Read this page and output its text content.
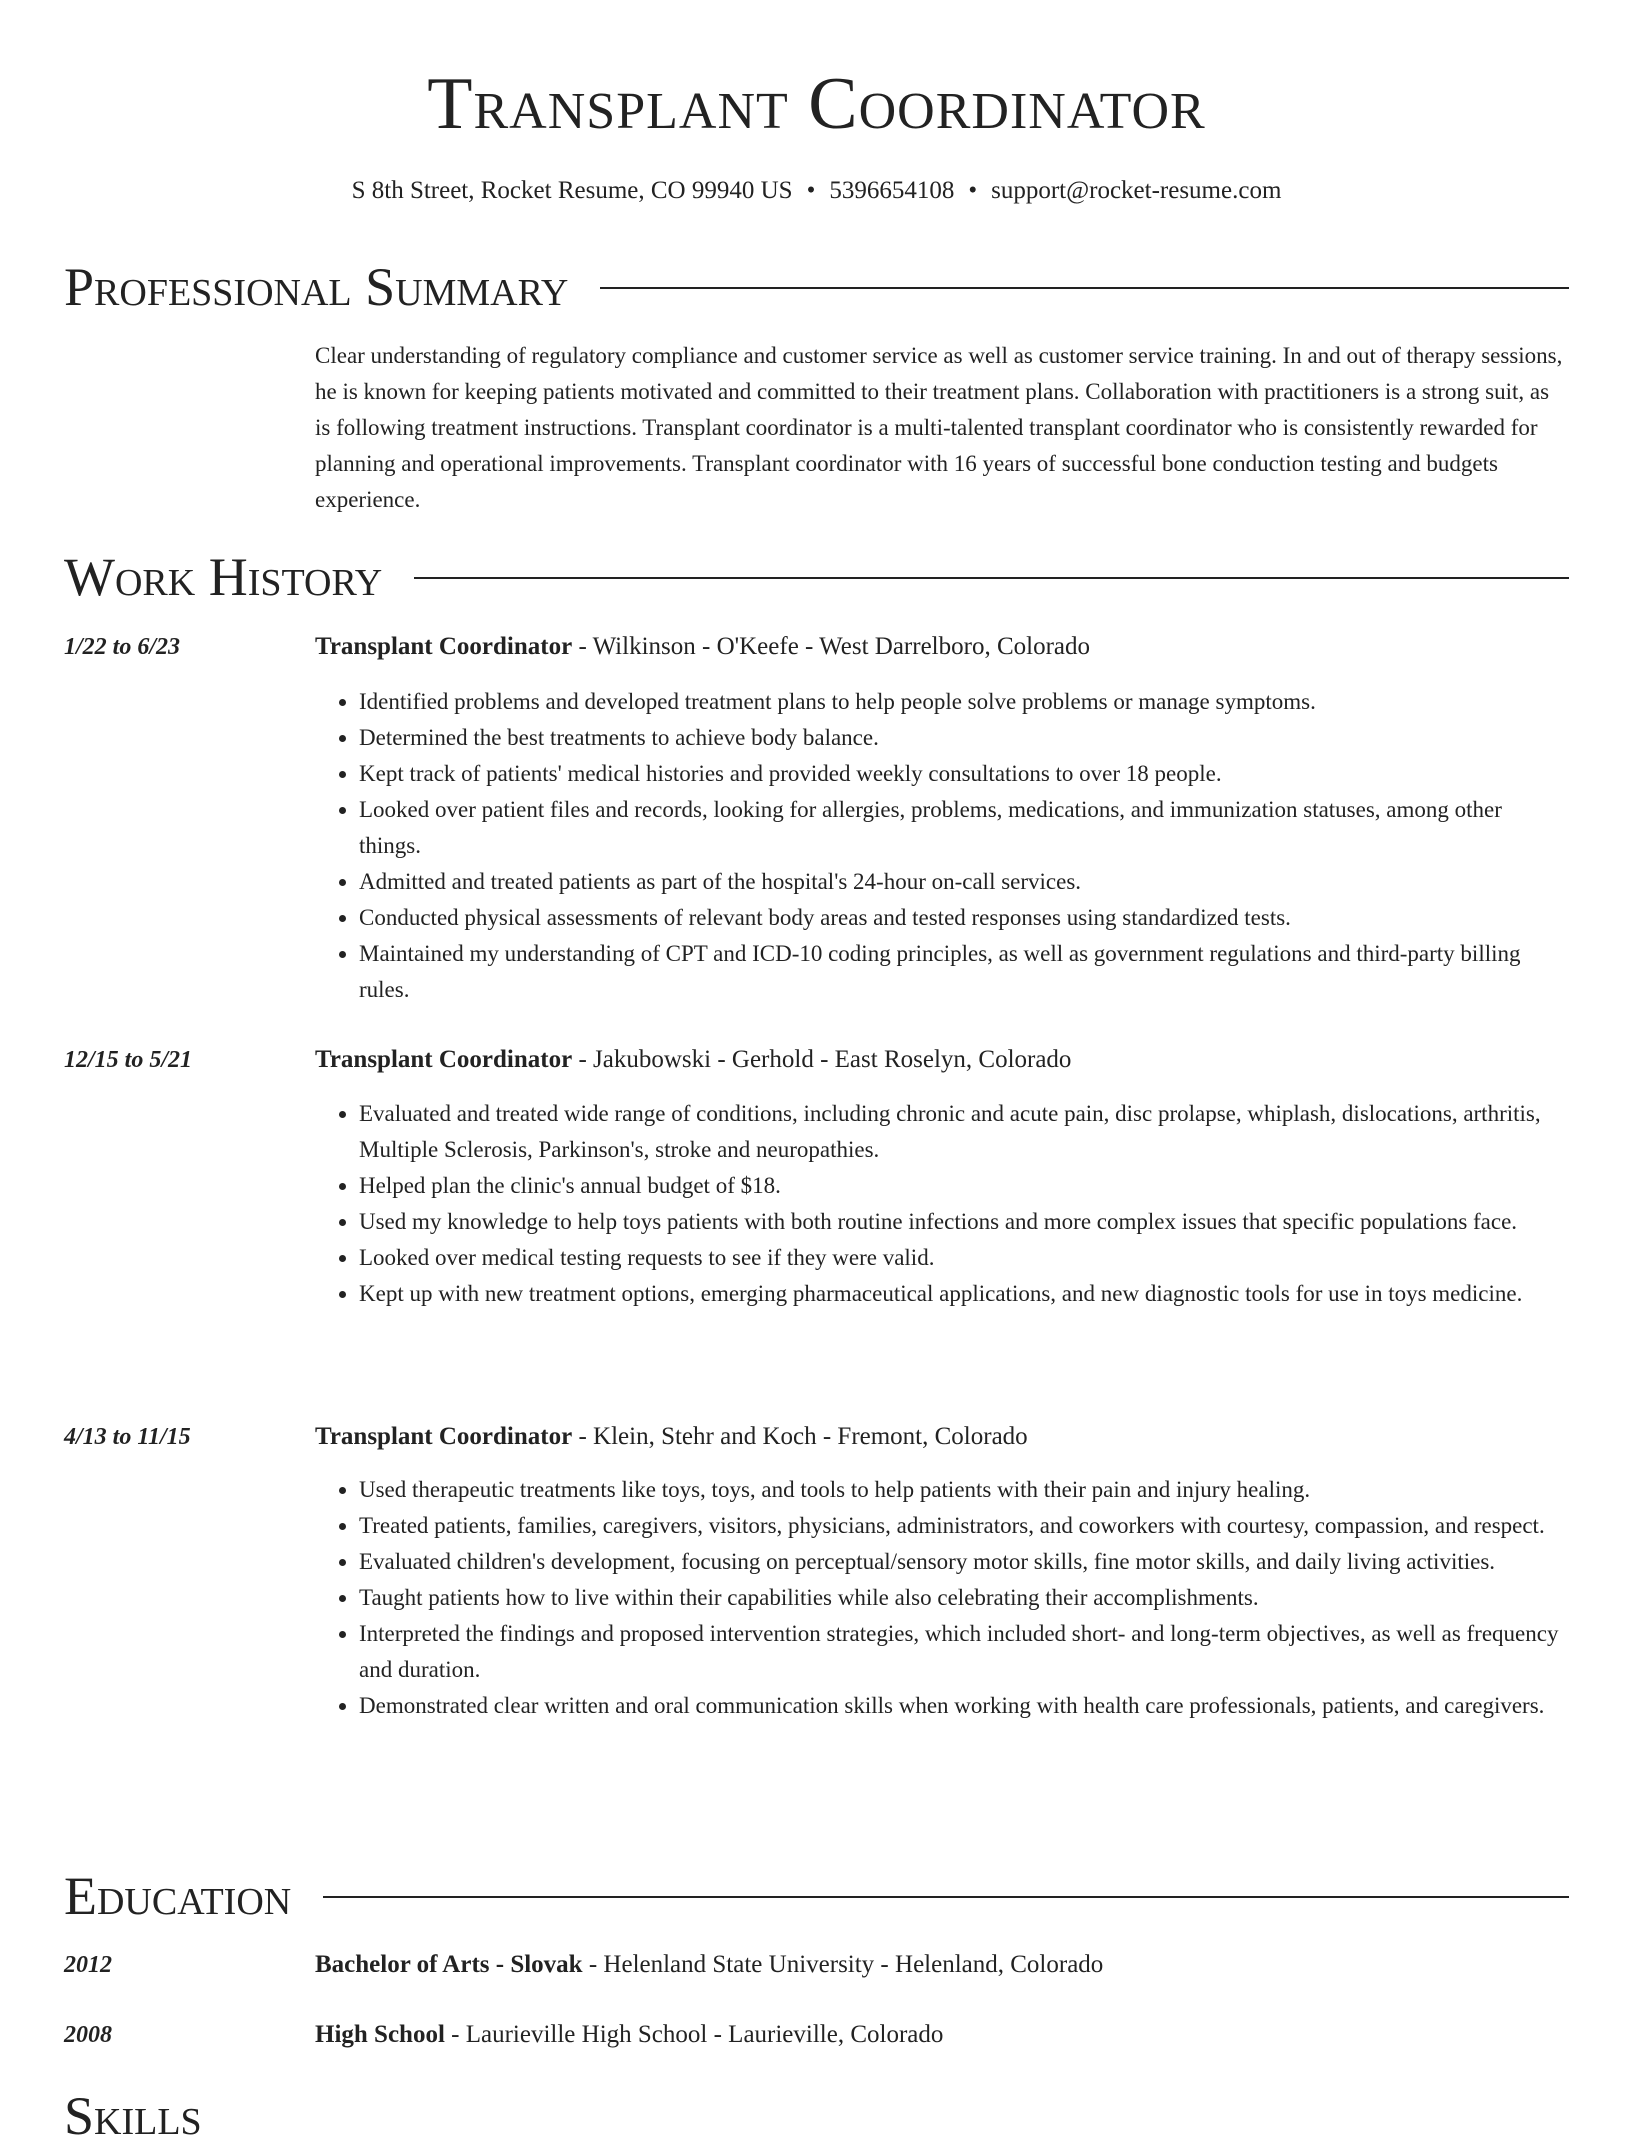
Transplant Coordinator
S 8th Street, Rocket Resume, CO 99940 US • 5396654108 • support@rocket-resume.com
Professional Summary
Clear understanding of regulatory compliance and customer service as well as customer service training. In and out of therapy sessions, he is known for keeping patients motivated and committed to their treatment plans. Collaboration with practitioners is a strong suit, as is following treatment instructions. Transplant coordinator is a multi-talented transplant coordinator who is consistently rewarded for planning and operational improvements. Transplant coordinator with 16 years of successful bone conduction testing and budgets experience.
Work History
1/22 to 6/23	Transplant Coordinator - Wilkinson - O'Keefe - West Darrelboro, Colorado
• Identified problems and developed treatment plans to help people solve problems or manage symptoms.
• Determined the best treatments to achieve body balance.
• Kept track of patients' medical histories and provided weekly consultations to over 18 people.
• Looked over patient files and records, looking for allergies, problems, medications, and immunization statuses, among other things.
• Admitted and treated patients as part of the hospital's 24-hour on-call services.
• Conducted physical assessments of relevant body areas and tested responses using standardized tests.
• Maintained my understanding of CPT and ICD-10 coding principles, as well as government regulations and third-party billing rules.
12/15 to 5/21	Transplant Coordinator - Jakubowski - Gerhold - East Roselyn, Colorado
• Evaluated and treated wide range of conditions, including chronic and acute pain, disc prolapse, whiplash, dislocations, arthritis, Multiple Sclerosis, Parkinson's, stroke and neuropathies.
• Helped plan the clinic's annual budget of $18.
• Used my knowledge to help toys patients with both routine infections and more complex issues that specific populations face.
• Looked over medical testing requests to see if they were valid.
• Kept up with new treatment options, emerging pharmaceutical applications, and new diagnostic tools for use in toys medicine.
4/13 to 11/15	Transplant Coordinator - Klein, Stehr and Koch - Fremont, Colorado
• Used therapeutic treatments like toys, toys, and tools to help patients with their pain and injury healing.
• Treated patients, families, caregivers, visitors, physicians, administrators, and coworkers with courtesy, compassion, and respect.
• Evaluated children's development, focusing on perceptual/sensory motor skills, fine motor skills, and daily living activities.
• Taught patients how to live within their capabilities while also celebrating their accomplishments.
• Interpreted the findings and proposed intervention strategies, which included short- and long-term objectives, as well as frequency and duration.
• Demonstrated clear written and oral communication skills when working with health care professionals, patients, and caregivers.
Education
2012	Bachelor of Arts - Slovak - Helenland State University - Helenland, Colorado
2008	High School - Laurieville High School - Laurieville, Colorado
Skills
